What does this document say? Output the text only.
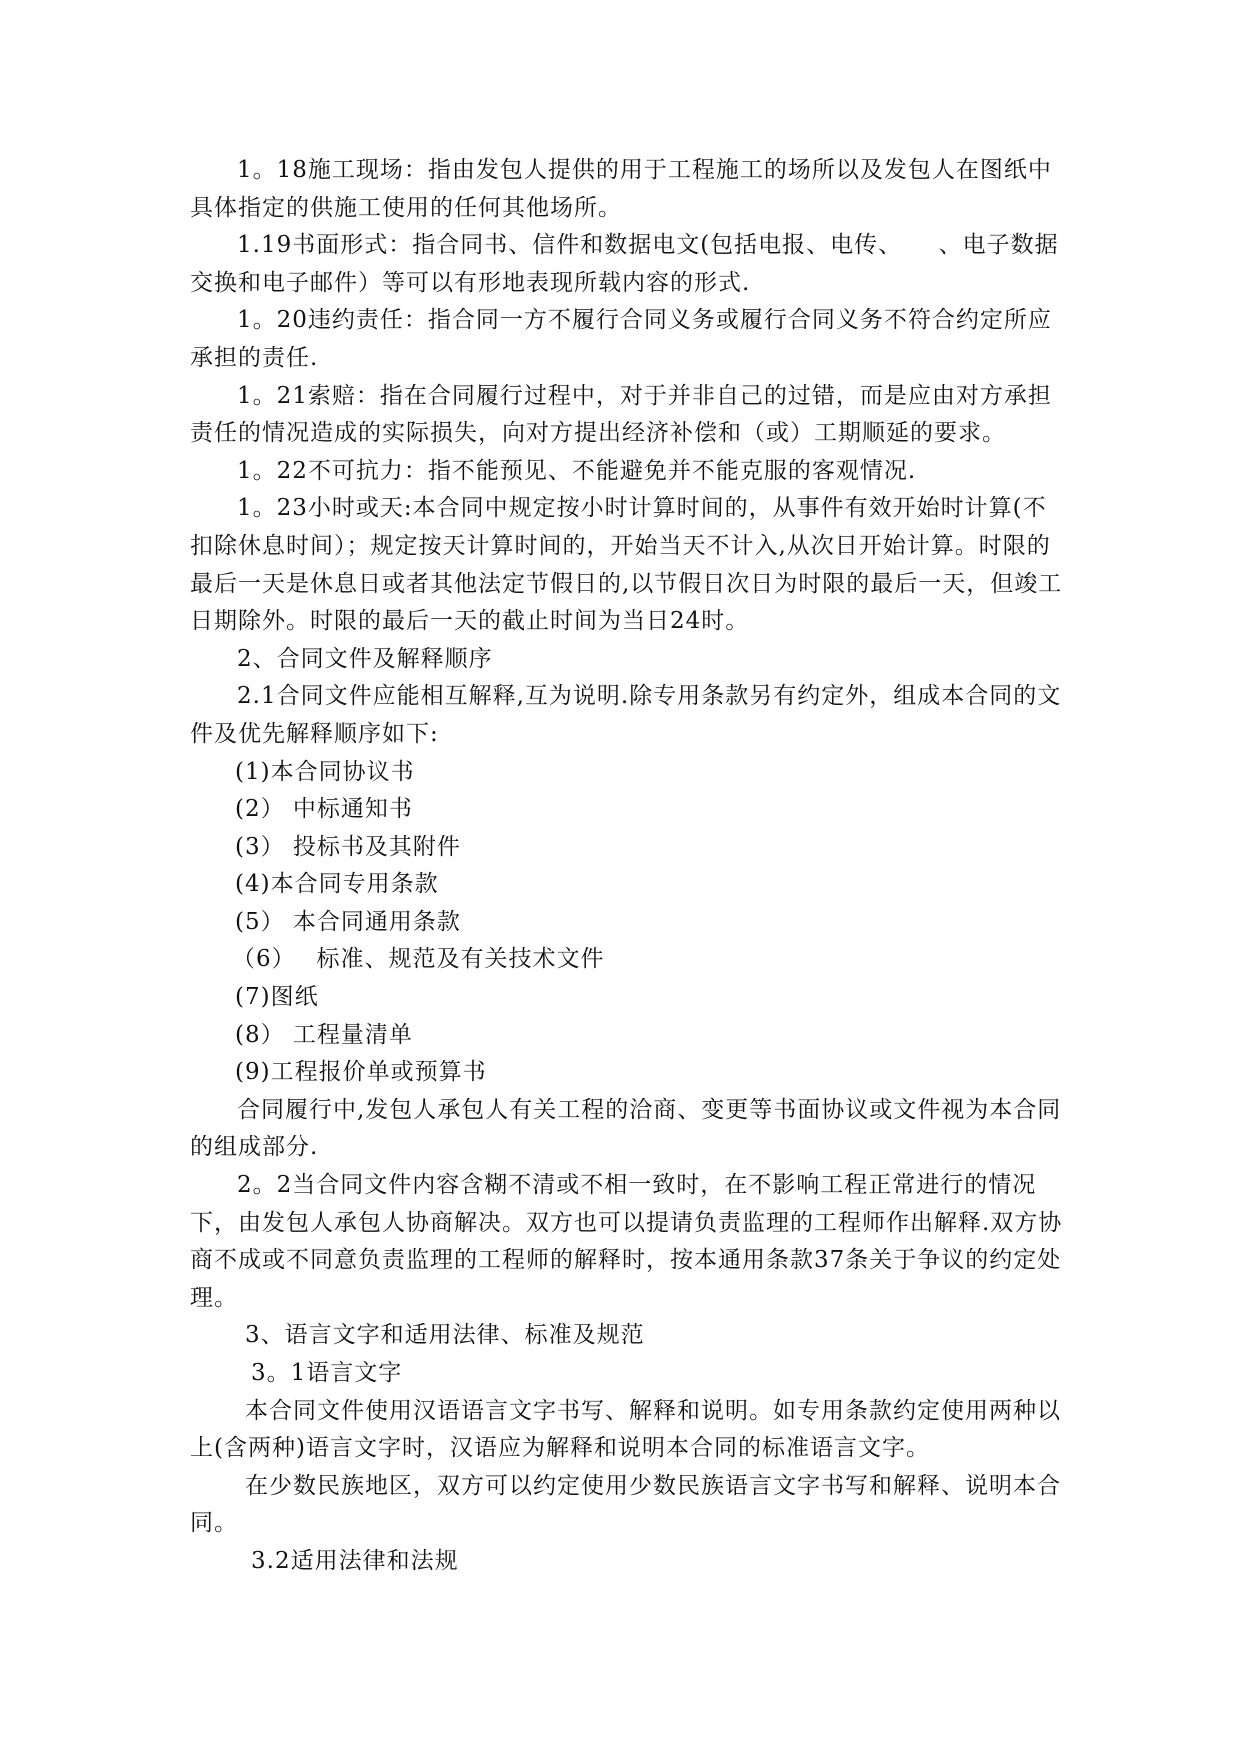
1。18施工现场：指由发包人提供的用于工程施工的场所以及发包人在图纸中具体指定的供施工使用的任何其他场所。

1.19书面形式：指合同书、信件和数据电文(包括电报、电传、　　、电子数据交换和电子邮件）等可以有形地表现所载内容的形式.

1。20违约责任：指合同一方不履行合同义务或履行合同义务不符合约定所应承担的责任.

1。21索赔：指在合同履行过程中，对于并非自己的过错，而是应由对方承担责任的情况造成的实际损失，向对方提出经济补偿和（或）工期顺延的要求。

1。22不可抗力：指不能预见、不能避免并不能克服的客观情况.

1。23小时或天:本合同中规定按小时计算时间的，从事件有效开始时计算(不扣除休息时间）；规定按天计算时间的，开始当天不计入,从次日开始计算。时限的最后一天是休息日或者其他法定节假日的,以节假日次日为时限的最后一天，但竣工日期除外。时限的最后一天的截止时间为当日24时。

2、合同文件及解释顺序

2.1合同文件应能相互解释,互为说明.除专用条款另有约定外，组成本合同的文件及优先解释顺序如下:

(1)本合同协议书

(2） 中标通知书

(3） 投标书及其附件

(4)本合同专用条款

(5） 本合同通用条款

（6）　 标准、规范及有关技术文件

(7)图纸

(8） 工程量清单

(9)工程报价单或预算书

合同履行中,发包人承包人有关工程的洽商、变更等书面协议或文件视为本合同的组成部分.

2。2当合同文件内容含糊不清或不相一致时，在不影响工程正常进行的情况下，由发包人承包人协商解决。双方也可以提请负责监理的工程师作出解释.双方协商不成或不同意负责监理的工程师的解释时，按本通用条款37条关于争议的约定处理。

3、语言文字和适用法律、标准及规范

3。1语言文字

本合同文件使用汉语语言文字书写、解释和说明。如专用条款约定使用两种以上(含两种)语言文字时，汉语应为解释和说明本合同的标准语言文字。

在少数民族地区，双方可以约定使用少数民族语言文字书写和解释、说明本合同。

3.2适用法律和法规
